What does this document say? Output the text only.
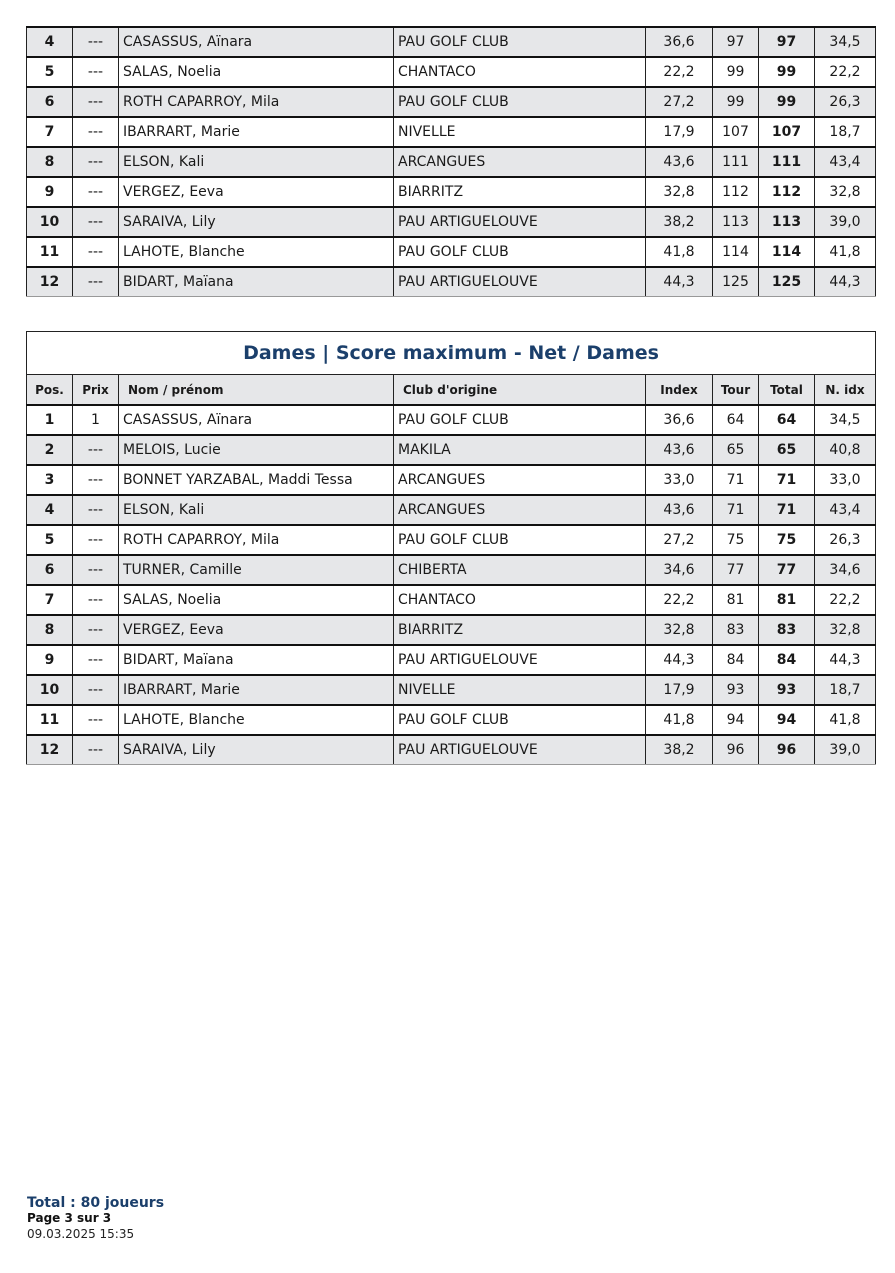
4	---	CASASSUS, Aïnara	PAU GOLF CLUB	36,6	97	97	34,5
5	---	SALAS, Noelia	CHANTACO	22,2	99	99	22,2
6	---	ROTH CAPARROY, Mila	PAU GOLF CLUB	27,2	99	99	26,3
7	---	IBARRART, Marie	NIVELLE	17,9	107	107	18,7
8	---	ELSON, Kali	ARCANGUES	43,6	111	111	43,4
9	---	VERGEZ, Eeva	BIARRITZ	32,8	112	112	32,8
10	---	SARAIVA, Lily	PAU ARTIGUELOUVE	38,2	113	113	39,0
11	---	LAHOTE, Blanche	PAU GOLF CLUB	41,8	114	114	41,8
12	---	BIDART, Maïana	PAU ARTIGUELOUVE	44,3	125	125	44,3
Dames | Score maximum - Net / Dames							
Pos.	Prix	Nom / prénom	Club d'origine	Index	Tour	Total	N. idx
1	1	CASASSUS, Aïnara	PAU GOLF CLUB	36,6	64	64	34,5
2	---	MELOIS, Lucie	MAKILA	43,6	65	65	40,8
3	---	BONNET YARZABAL, Maddi Tessa	ARCANGUES	33,0	71	71	33,0
4	---	ELSON, Kali	ARCANGUES	43,6	71	71	43,4
5	---	ROTH CAPARROY, Mila	PAU GOLF CLUB	27,2	75	75	26,3
6	---	TURNER, Camille	CHIBERTA	34,6	77	77	34,6
7	---	SALAS, Noelia	CHANTACO	22,2	81	81	22,2
8	---	VERGEZ, Eeva	BIARRITZ	32,8	83	83	32,8
9	---	BIDART, Maïana	PAU ARTIGUELOUVE	44,3	84	84	44,3
10	---	IBARRART, Marie	NIVELLE	17,9	93	93	18,7
11	---	LAHOTE, Blanche	PAU GOLF CLUB	41,8	94	94	41,8
12	---	SARAIVA, Lily	PAU ARTIGUELOUVE	38,2	96	96	39,0
Total : 80 joueurs
Page 3 sur 3
09.03.2025 15:35
